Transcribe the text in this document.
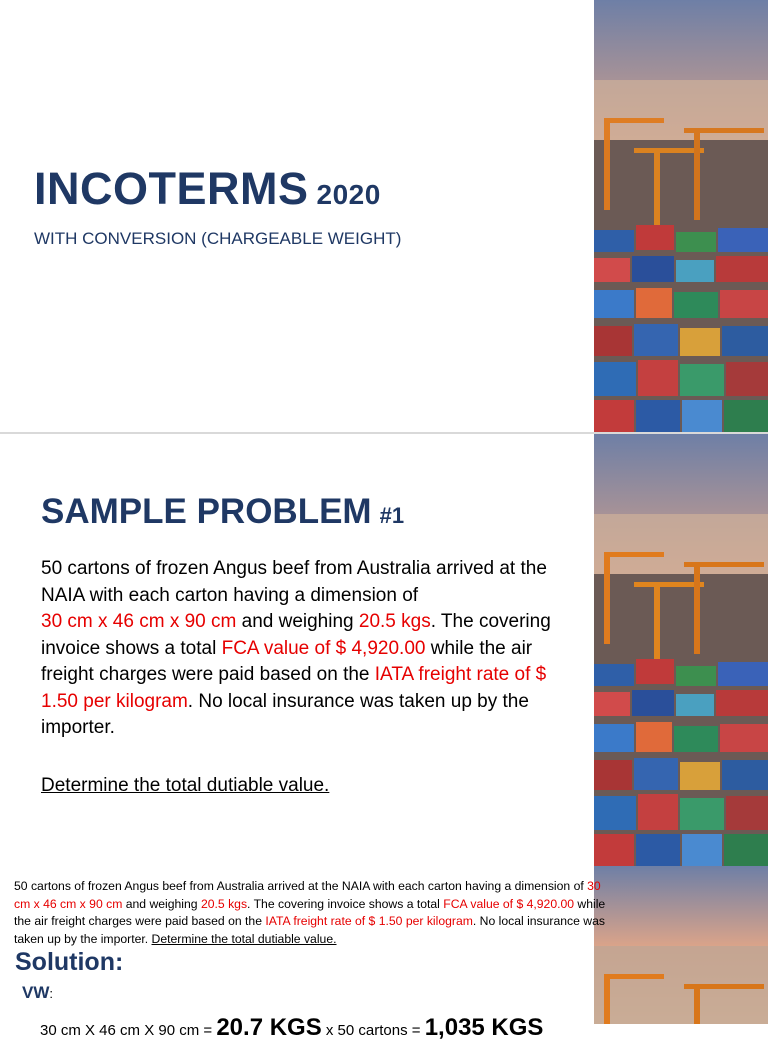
INCOTERMS 2020
WITH CONVERSION (CHARGEABLE WEIGHT)
SAMPLE PROBLEM #1
50 cartons of frozen Angus beef from Australia arrived at the NAIA with each carton having a dimension of
30 cm x 46 cm x 90 cm and weighing 20.5 kgs. The covering invoice shows a total FCA value of $ 4,920.00 while the air freight charges were paid based on the IATA freight rate of $ 1.50 per kilogram. No local insurance was taken up by the importer.
Determine the total dutiable value.
50 cartons of frozen Angus beef from Australia arrived at the NAIA with each carton having a dimension of 30 cm x 46 cm x 90 cm and weighing 20.5 kgs. The covering invoice shows a total FCA value of $ 4,920.00 while the air freight charges were paid based on the IATA freight rate of $ 1.50 per kilogram. No local insurance was taken up by the importer. Determine the total dutiable value.
Solution:
VW:
30 cm X 46 cm X 90 cm = 20.7 KGS x 50 cartons = 1,035 KGS
